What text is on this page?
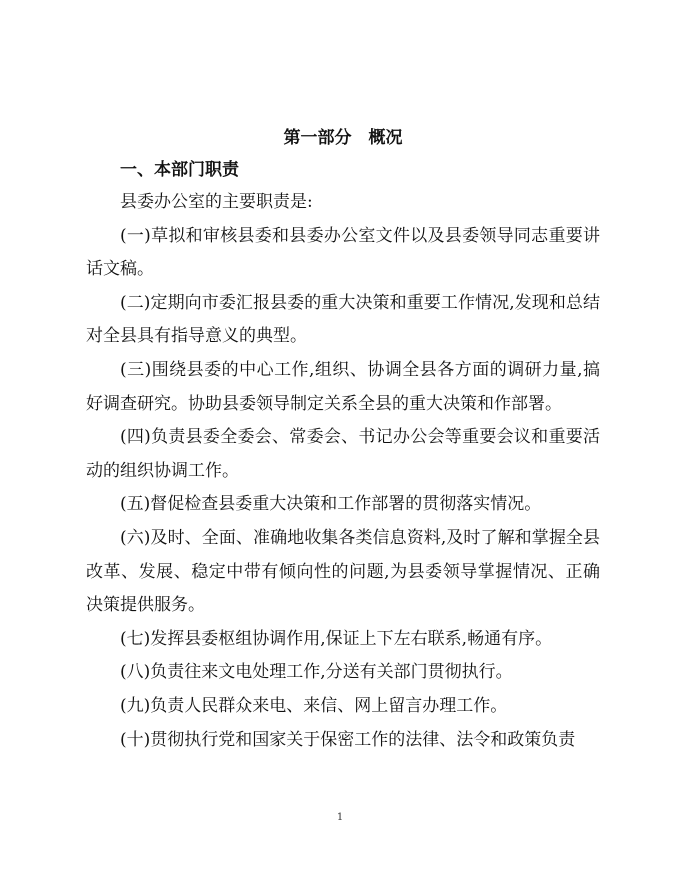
第一部分　概况
一、本部门职责

县委办公室的主要职责是:

(一)草拟和审核县委和县委办公室文件以及县委领导同志重要讲话文稿。

(二)定期向市委汇报县委的重大决策和重要工作情况,发现和总结对全县具有指导意义的典型。

(三)围绕县委的中心工作,组织、协调全县各方面的调研力量,搞好调查研究。协助县委领导制定关系全县的重大决策和作部署。

(四)负责县委全委会、常委会、书记办公会等重要会议和重要活动的组织协调工作。

(五)督促检查县委重大决策和工作部署的贯彻落实情况。

(六)及时、全面、准确地收集各类信息资料,及时了解和掌握全县改革、发展、稳定中带有倾向性的问题,为县委领导掌握情况、正确决策提供服务。

(七)发挥县委枢组协调作用,保证上下左右联系,畅通有序。

(八)负责往来文电处理工作,分送有关部门贯彻执行。

(九)负责人民群众来电、来信、网上留言办理工作。

(十)贯彻执行党和国家关于保密工作的法律、法令和政策负责

1
